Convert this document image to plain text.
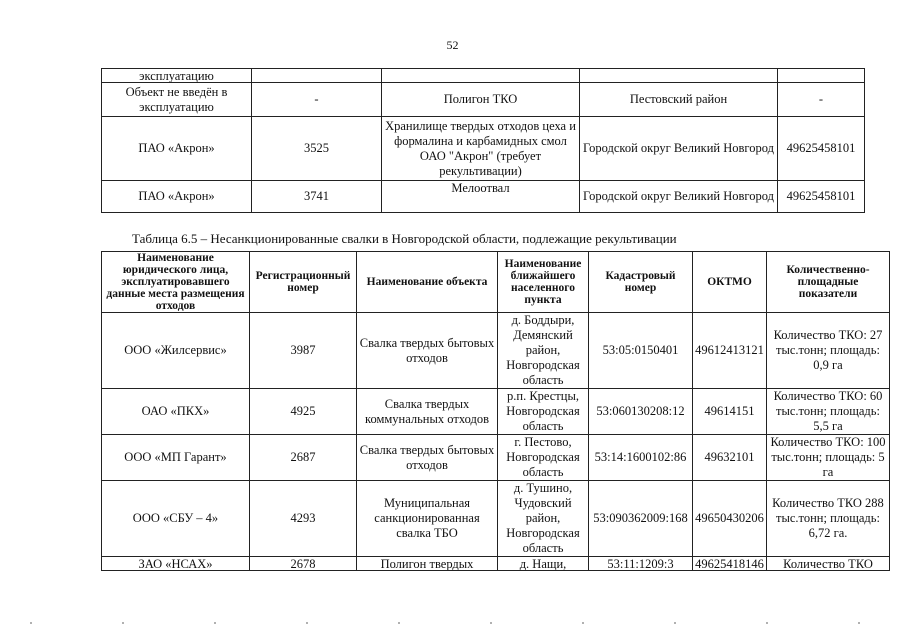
52
эксплуатацию				
Объект не введён в эксплуатацию	-	Полигон ТКО	Пестовский район	-
ПАО «Акрон»	3525	Хранилище твердых отходов цеха и формалина и карбамидных смол ОАО "Акрон" (требует рекультивации)	Городской округ Великий Новгород	49625458101
ПАО «Акрон»	3741	Мелоотвал	Городской округ Великий Новгород	49625458101
Таблица 6.5 – Несанкционированные свалки в Новгородской области, подлежащие рекультивации
Наименование юридического лица, эксплуатировавшего данные места размещения отходов	Регистрационный номер	Наименование объекта	Наименование ближайшего населенного пункта	Кадастровый номер	ОКТМО	Количественно-площадные показатели
ООО «Жилсервис»	3987	Свалка твердых бытовых отходов	д. Боддыри, Демянский район, Новгородская область	53:05:0150401	49612413121	Количество ТКО: 27 тыс.тонн; площадь: 0,9 га
ОАО «ПКХ»	4925	Свалка твердых коммунальных отходов	р.п. Крестцы, Новгородская область	53:060130208:12	49614151	Количество ТКО: 60 тыс.тонн; площадь: 5,5 га
ООО «МП Гарант»	2687	Свалка твердых бытовых отходов	г. Пестово, Новгородская область	53:14:1600102:86	49632101	Количество ТКО: 100 тыс.тонн; площадь: 5 га
ООО «СБУ – 4»	4293	Муниципальная санкционированная свалка ТБО	д. Тушино, Чудовский район, Новгородская область	53:090362009:168	49650430206	Количество ТКО 288 тыс.тонн; площадь: 6,72 га.
ЗАО «НСАХ»	2678	Полигон твердых	д. Нащи,	53:11:1209:3	49625418146	Количество ТКО
